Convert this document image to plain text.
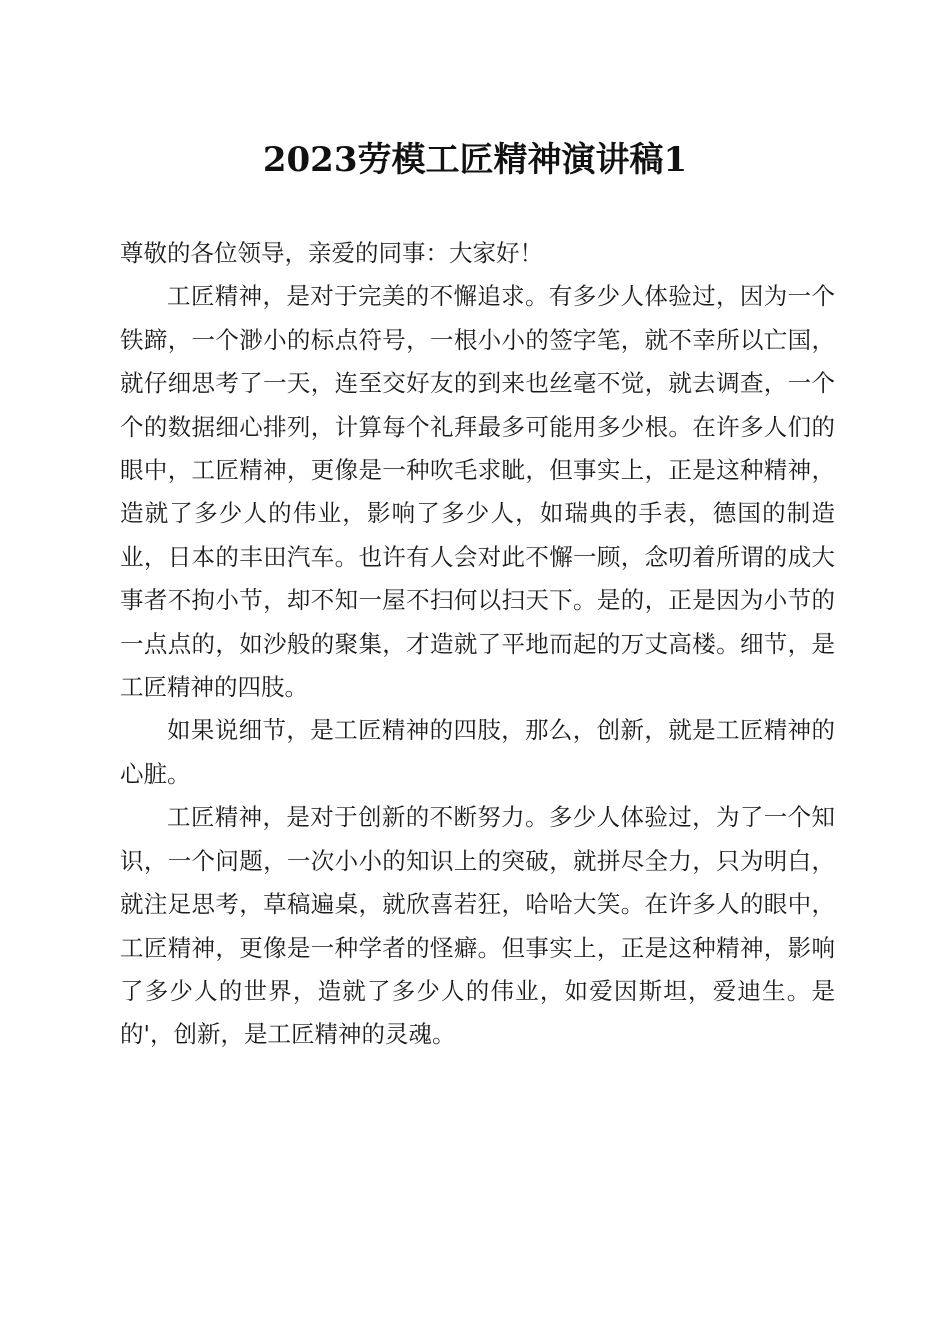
2023劳模工匠精神演讲稿1

尊敬的各位领导，亲爱的同事：大家好！

工匠精神，是对于完美的不懈追求。有多少人体验过，因为一个铁蹄，一个渺小的标点符号，一根小小的签字笔，就不幸所以亡国，就仔细思考了一天，连至交好友的到来也丝毫不觉，就去调查，一个个的数据细心排列，计算每个礼拜最多可能用多少根。在许多人们的眼中，工匠精神，更像是一种吹毛求眦，但事实上，正是这种精神，造就了多少人的伟业，影响了多少人，如瑞典的手表，德国的制造业，日本的丰田汽车。也许有人会对此不懈一顾，念叨着所谓的成大事者不拘小节，却不知一屋不扫何以扫天下。是的，正是因为小节的一点点的，如沙般的聚集，才造就了平地而起的万丈高楼。细节，是工匠精神的四肢。

如果说细节，是工匠精神的四肢，那么，创新，就是工匠精神的心脏。

工匠精神，是对于创新的不断努力。多少人体验过，为了一个知识，一个问题，一次小小的知识上的突破，就拼尽全力，只为明白，就注足思考，草稿遍桌，就欣喜若狂，哈哈大笑。在许多人的眼中，工匠精神，更像是一种学者的怪癖。但事实上，正是这种精神，影响了多少人的世界，造就了多少人的伟业，如爱因斯坦，爱迪生。是的'，创新，是工匠精神的灵魂。
